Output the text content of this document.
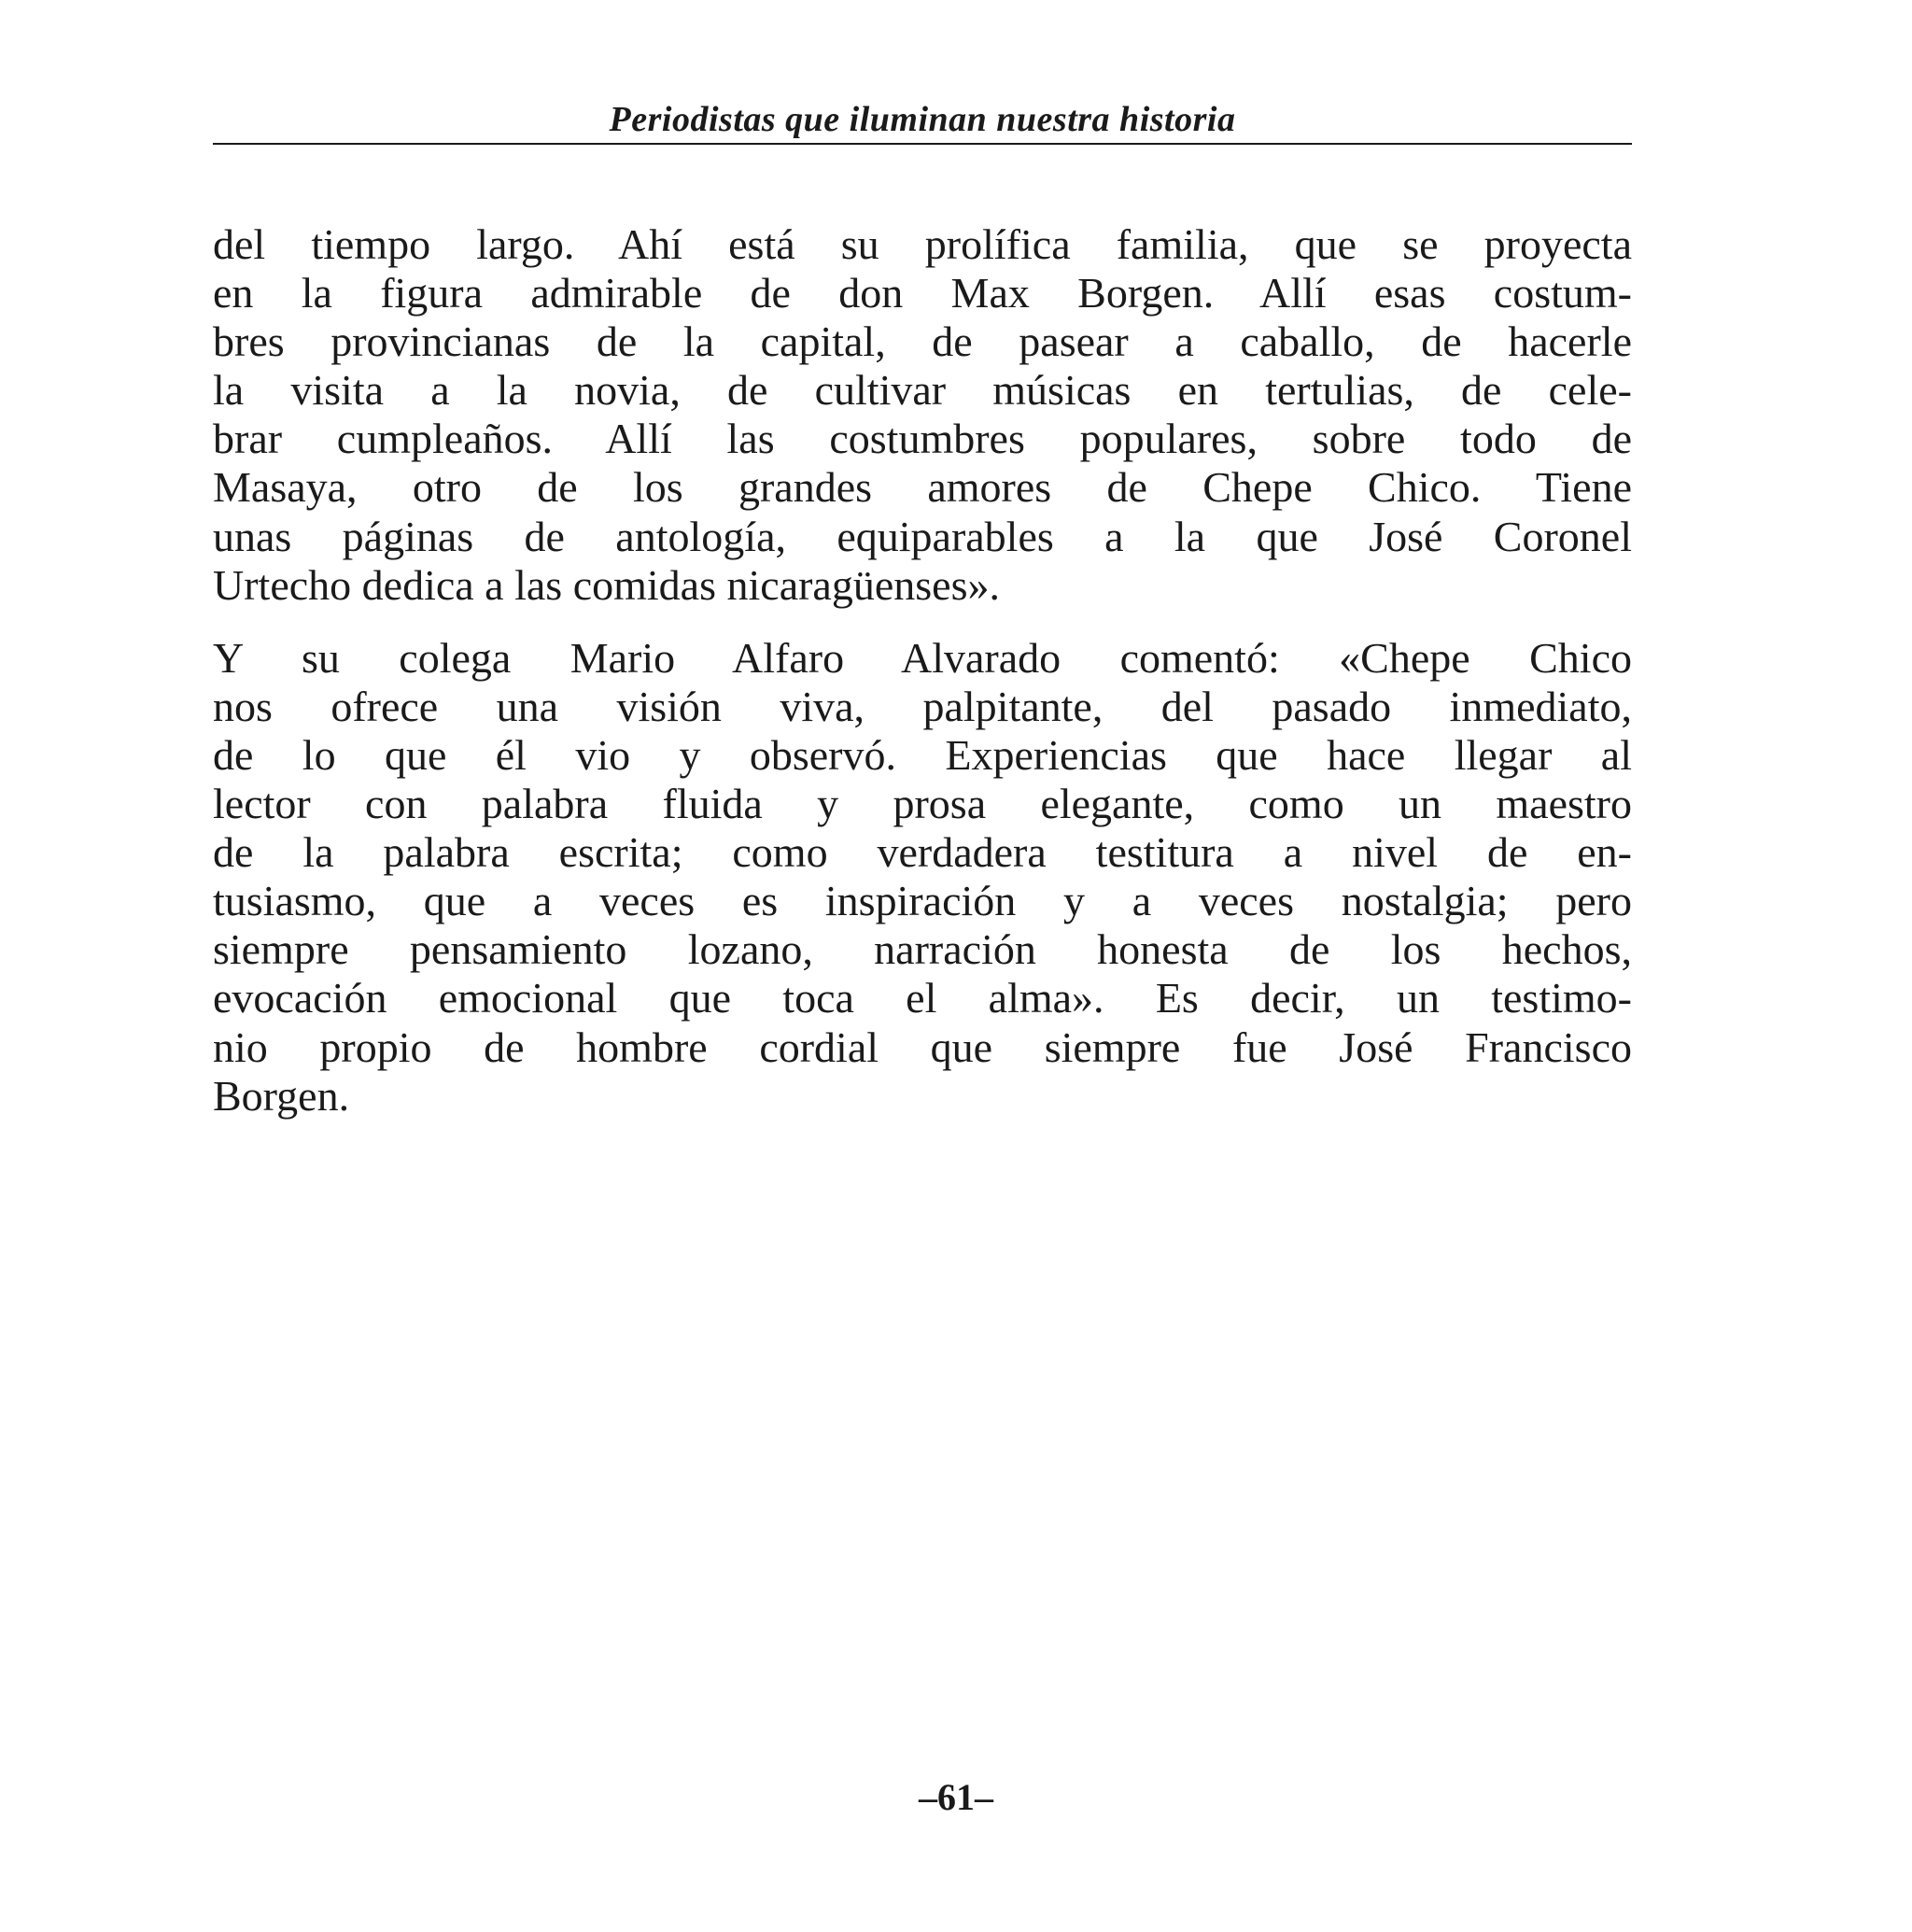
Periodistas que iluminan nuestra historia

del tiempo largo. Ahí está su prolífica familia, que se proyecta
en la figura admirable de don Max Borgen. Allí esas costum-
bres provincianas de la capital, de pasear a caballo, de hacerle
la visita a la novia, de cultivar músicas en tertulias, de cele-
brar cumpleaños. Allí las costumbres populares, sobre todo de
Masaya, otro de los grandes amores de Chepe Chico. Tiene
unas páginas de antología, equiparables a la que José Coronel
Urtecho dedica a las comidas nicaragüenses».

Y su colega Mario Alfaro Alvarado comentó: «Chepe Chico
nos ofrece una visión viva, palpitante, del pasado inmediato,
de lo que él vio y observó. Experiencias que hace llegar al
lector con palabra fluida y prosa elegante, como un maestro
de la palabra escrita; como verdadera testitura a nivel de en-
tusiasmo, que a veces es inspiración y a veces nostalgia; pero
siempre pensamiento lozano, narración honesta de los hechos,
evocación emocional que toca el alma». Es decir, un testimo-
nio propio de hombre cordial que siempre fue José Francisco
Borgen.

–61–
